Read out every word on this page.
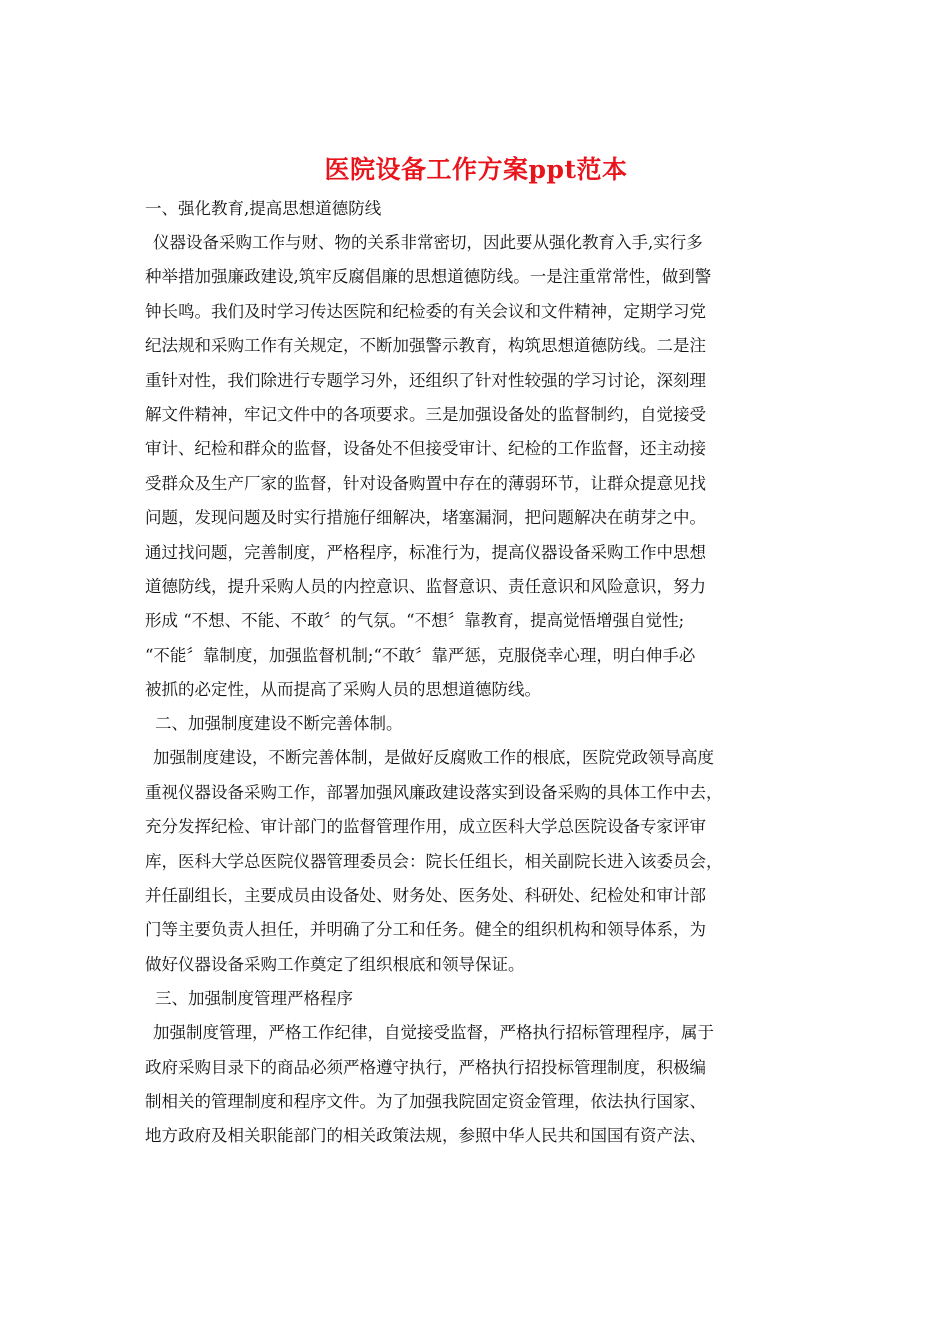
医院设备工作方案ppt范本

一、强化教育,提高思想道德防线

仪器设备采购工作与财、物的关系非常密切，因此要从强化教育入手,实行多
种举措加强廉政建设,筑牢反腐倡廉的思想道德防线。一是注重常常性，做到警
钟长鸣。我们及时学习传达医院和纪检委的有关会议和文件精神，定期学习党
纪法规和采购工作有关规定，不断加强警示教育，构筑思想道德防线。二是注
重针对性，我们除进行专题学习外，还组织了针对性较强的学习讨论，深刻理
解文件精神，牢记文件中的各项要求。三是加强设备处的监督制约，自觉接受
审计、纪检和群众的监督，设备处不但接受审计、纪检的工作监督，还主动接
受群众及生产厂家的监督，针对设备购置中存在的薄弱环节，让群众提意见找
问题，发现问题及时实行措施仔细解决，堵塞漏洞，把问题解决在萌芽之中。
通过找问题，完善制度，严格程序，标准行为，提高仪器设备采购工作中思想
道德防线，提升采购人员的内控意识、监督意识、责任意识和风险意识，努力
形成 “不想、不能、不敢〞的气氛。“不想〞靠教育，提高觉悟增强自觉性;
“不能〞靠制度，加强监督机制;“不敢〞靠严惩，克服侥幸心理，明白伸手必
被抓的必定性，从而提高了采购人员的思想道德防线。

二、加强制度建设不断完善体制。

加强制度建设，不断完善体制，是做好反腐败工作的根底，医院党政领导高度
重视仪器设备采购工作，部署加强风廉政建设落实到设备采购的具体工作中去，
充分发挥纪检、审计部门的监督管理作用，成立医科大学总医院设备专家评审
库，医科大学总医院仪器管理委员会：院长任组长，相关副院长进入该委员会，
并任副组长，主要成员由设备处、财务处、医务处、科研处、纪检处和审计部
门等主要负责人担任，并明确了分工和任务。健全的组织机构和领导体系，为
做好仪器设备采购工作奠定了组织根底和领导保证。

三、加强制度管理严格程序

加强制度管理，严格工作纪律，自觉接受监督，严格执行招标管理程序，属于
政府采购目录下的商品必须严格遵守执行，严格执行招投标管理制度，积极编
制相关的管理制度和程序文件。为了加强我院固定资金管理，依法执行国家、
地方政府及相关职能部门的相关政策法规，参照中华人民共和国国有资产法、
